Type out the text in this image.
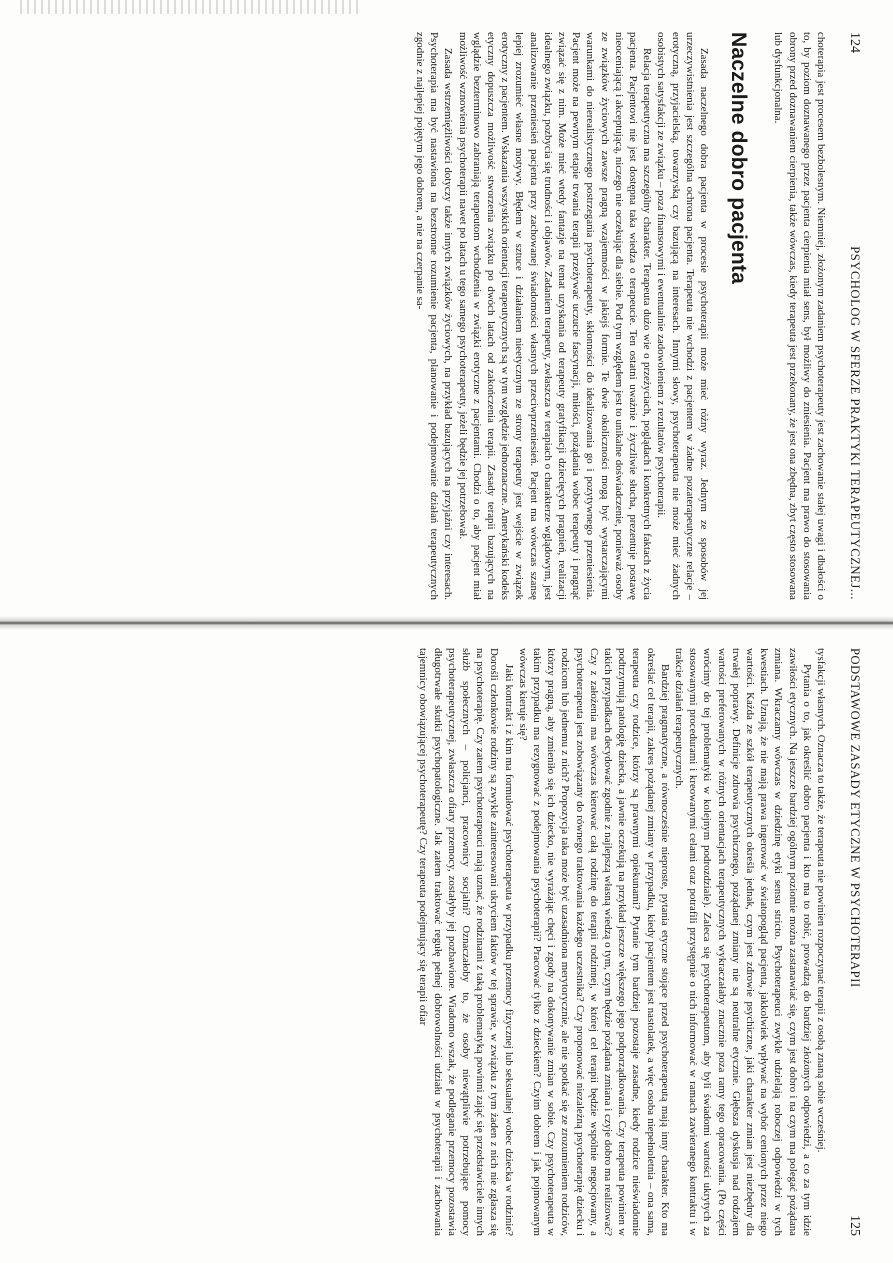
124
PSYCHOLOG W SFERZE PRAKTYKI TERAPEUTYCZNEJ...

choterapia jest procesem bezbolesnym. Niemniej, złożonym zadaniem psychoterapeuty jest zachowanie stałej uwagi i dbałości o to, by poziom doznawanego przez pacjenta cierpienia miał sens, był możliwy do zniesienia. Pacjent ma prawo do stosowania obrony przed doznawaniem cierpienia, także wówczas, kiedy terapeuta jest przekonany, że jest ona zbędna, zbyt często stosowana lub dysfunkcjonalna.

Naczelne dobro pacjenta

Zasada naczelnego dobra pacjenta w procesie psychoterapii może mieć różny wyraz. Jednym ze sposobów jej urzeczywistnienia jest szczególna ochrona pacjenta. Terapeuta nie wchodzi z pacjentem w żadne pozaterapeutyczne relacje – erotyczną, przyjacielską, towarzyską czy bazującą na interesach. Innymi słowy, psychoterapeuta nie może mieć żadnych osobistych satysfakcji ze związku – poza finansowymi i ewentualnie zadowoleniem z rezultatów psychoterapii.

Relacja terapeutyczna ma szczególny charakter. Terapeuta dużo wie o przeżyciach, poglądach i konkretnych faktach z życia pacjenta. Pacjentowi nie jest dostępna taka wiedza o terapeucie. Ten ostatni uważnie i życzliwie słucha, prezentuje postawę nieoceniającą i akceptującą, niczego nie oczekując dla siebie. Pod tym względem jest to unikalne doświadczenie, ponieważ osoby ze związków życiowych zawsze pragną wzajemności w jakiejś formie. Te dwie okoliczności mogą być wystarczającymi warunkami do nierealistycznego postrzegania psychoterapeuty, skłonności do idealizowania go i pozytywnego przeniesienia. Pacjent może na pewnym etapie trwania terapii przeżywać uczucie fascynacji, miłości, pożądania wobec terapeuty i pragnąć związać się z nim. Może mieć wtedy fantazje na temat uzyskania od terapeuty gratyfikacji dziecięcych pragnień, realizacji idealnego związku, pozbycia się trudności i objawów. Zadaniem terapeuty, zwłaszcza w terapiach o charakterze wglądowym, jest analizowanie przeniesień pacjenta przy zachowanej świadomości własnych przeciwprzeniesień. Pacjent ma wówczas szansę lepiej zrozumieć własne motywy. Błędem w sztuce i działaniem nieetycznym ze strony terapeuty jest wejście w związek erotyczny z pacjentem. Wskazania wszystkich orientacji terapeutycznych są w tym względzie jednoznaczne. Amerykański kodeks etyczny dopuszcza możliwość stworzenia związku po dwóch latach od zakończenia terapii. Zasady terapii bazujących na wglądzie bezterminowo zabraniają terapeutom wchodzenia w związki erotyczne z pacjentami. Chodzi o to, aby pacjent miał możliwość wznowienia psychoterapii nawet po latach u tego samego psychoterapeuty, jeżeli będzie jej potrzebował.

Zasada wstrzemięźliwości dotyczy także innych związków życiowych, na przykład bazujących na przyjaźni czy interesach. Psychoterapia ma być nastawiona na bezstronne rozumienie pacjenta, planowanie i podejmowanie działań terapeutycznych zgodnie z najlepiej pojętym jego dobrem, a nie na czerpanie sa-

PODSTAWOWE ZASADY ETYCZNE W PSYCHOTERAPII
125

tysfakcji własnych. Oznacza to także, że terapeuta nie powinien rozpoczynać terapii z osobą znaną sobie wcześniej.

Pytania o to, jak określić dobro pacjenta i kto ma to robić, prowadzą do bardziej złożonych odpowiedzi, a co za tym idzie zawiłości etycznych. Na jeszcze bardziej ogólnym poziomie można zastanawiać się, czym jest dobro i na czym ma polegać pożądana zmiana. Wkraczamy wówczas w dziedzinę etyki sensu stricto. Psychoterapeuci zwykle udzielają roboczej odpowiedzi w tych kwestiach. Uznają, że nie mają prawa ingerować w światopogląd pacjenta, jakkolwiek wpływać na wybór cenionych przez niego wartości. Każda ze szkół terapeutycznych określa jednak, czym jest zdrowie psychiczne, jaki charakter zmian jest niezbędny dla trwałej poprawy. Definicje zdrowia psychicznego, pożądanej zmiany nie są neutralne etycznie. Głębsza dyskusja nad rodzajem wartości preferowanych w różnych orientacjach terapeutycznych wykraczałaby znacznie poza ramy tego opracowania. (Po części wrócimy do tej problematyki w kolejnym podrozdziale). Zaleca się psychoterapeutom, aby byli świadomi wartości ukrytych za stosowanymi procedurami i kreowanymi celami oraz potrafili przystępnie o nich informować w ramach zawieranego kontraktu i w trakcie działań terapeutycznych.

Bardziej pragmatyczne, a równocześnie nieproste, pytania etyczne stojące przed psychoterapeutą mają inny charakter. Kto ma określać cel terapii, zakres pożądanej zmiany w przypadku, kiedy pacjentem jest nastolatek, a więc osoba niepełnoletnia – ona sama, terapeuta czy rodzice, którzy są prawnymi opiekunami? Pytanie tym bardziej pozostaje zasadne, kiedy rodzice nieświadomie podtrzymują patologię dziecka, a jawnie oczekują na przykład jeszcze większego jego podporządkowania. Czy terapeuta powinien w takich przypadkach decydować zgodnie z najlepszą własną wiedzą o tym, czym będzie pożądana zmiana i czyje dobro ma realizować? Czy z założenia ma wówczas kierować całą rodzinę do terapii rodzinnej, w której cel terapii będzie wspólnie negocjowany, a psychoterapeuta jest zobowiązany do równego traktowania każdego uczestnika? Czy proponować niezależną psychoterapię dziecku i rodzicom lub jednemu z nich? Propozycja taka może być uzasadniona merytorycznie, ale nie spotkać się ze zrozumieniem rodziców, którzy pragną, aby zmieniło się ich dziecko, nie wyrażając chęci i zgody na dokonywanie zmian w sobie. Czy psychoterapeuta w takim przypadku ma rezygnować z podejmowania psychoterapii? Pracować tylko z dzieckiem? Czyim dobrem i jak pojmowanym wówczas kieruje się?

Jaki kontrakt i z kim ma formułować psychoterapeuta w przypadku przemocy fizycznej lub seksualnej wobec dziecka w rodzinie? Dorośli członkowie rodziny są zwykle zainteresowani ukryciem faktów w tej sprawie, w związku z tym żaden z nich nie zgłasza się na psychoterapię. Czy zatem psychoterapeuci mają uznać, że rodzinami z taką problematyką powinni zająć się przedstawiciele innych służb społecznych – policjanci, pracownicy socjalni? Oznaczałoby to, że osoby niewątpliwie potrzebujące pomocy psychoterapeutycznej, zwłaszcza ofiary przemocy, zostałyby jej pozbawione. Wiadomo wszak, że podleganie przemocy pozostawia długotrwałe skutki psychopatologiczne. Jak zatem traktować regułę pełnej dobrowolności udziału w psychoterapii i zachowania tajemnicy obowiązującej psychoterapeutę? Czy terapeuta podejmujący się terapii ofiar
